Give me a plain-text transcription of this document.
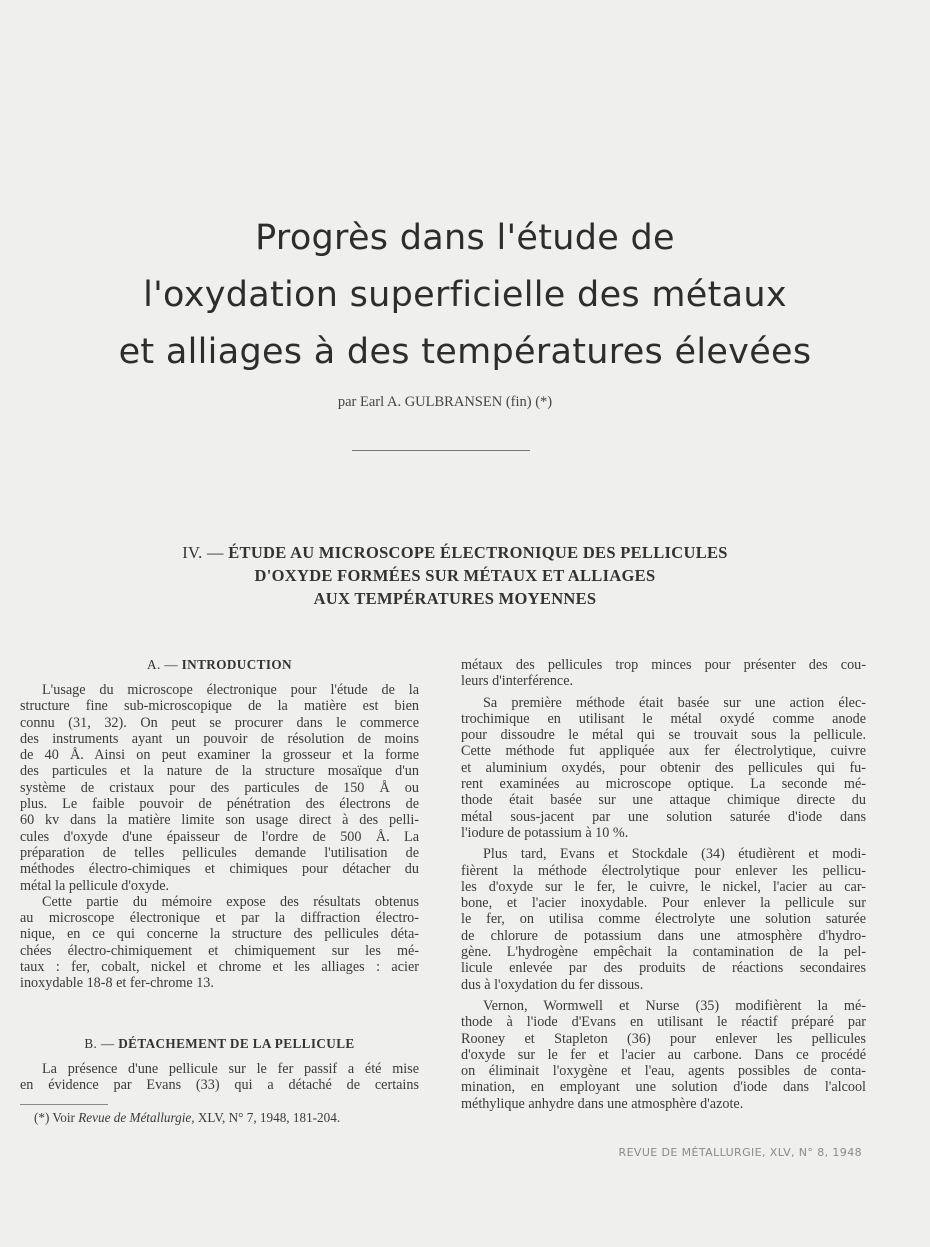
Progrès dans l'étude de
l'oxydation superficielle des métaux
et alliages à des températures élevées
par Earl A. GULBRANSEN (fin) (*)
IV. — ÉTUDE AU MICROSCOPE ÉLECTRONIQUE DES PELLICULES
D'OXYDE FORMÉES SUR MÉTAUX ET ALLIAGES
AUX TEMPÉRATURES MOYENNES
A. — INTRODUCTION

L'usage du microscope électronique pour l'étude de la
structure fine sub-microscopique de la matière est bien
connu (31, 32). On peut se procurer dans le commerce
des instruments ayant un pouvoir de résolution de moins
de 40 Å. Ainsi on peut examiner la grosseur et la forme
des particules et la nature de la structure mosaïque d'un
système de cristaux pour des particules de 150 Å ou
plus. Le faible pouvoir de pénétration des électrons de
60 kv dans la matière limite son usage direct à des pelli-
cules d'oxyde d'une épaisseur de l'ordre de 500 Å. La
préparation de telles pellicules demande l'utilisation de
méthodes électro-chimiques et chimiques pour détacher du
métal la pellicule d'oxyde.

Cette partie du mémoire expose des résultats obtenus
au microscope électronique et par la diffraction électro-
nique, en ce qui concerne la structure des pellicules déta-
chées électro-chimiquement et chimiquement sur les mé-
taux : fer, cobalt, nickel et chrome et les alliages : acier
inoxydable 18-8 et fer-chrome 13.

B. — DÉTACHEMENT DE LA PELLICULE

La présence d'une pellicule sur le fer passif a été mise
en évidence par Evans (33) qui a détaché de certains

(*) Voir Revue de Métallurgie, XLV, N° 7, 1948, 181-204.

métaux des pellicules trop minces pour présenter des cou-
leurs d'interférence.

Sa première méthode était basée sur une action élec-
trochimique en utilisant le métal oxydé comme anode
pour dissoudre le métal qui se trouvait sous la pellicule.
Cette méthode fut appliquée aux fer électrolytique, cuivre
et aluminium oxydés, pour obtenir des pellicules qui fu-
rent examinées au microscope optique. La seconde mé-
thode était basée sur une attaque chimique directe du
métal sous-jacent par une solution saturée d'iode dans
l'iodure de potassium à 10 %.

Plus tard, Evans et Stockdale (34) étudièrent et modi-
fièrent la méthode électrolytique pour enlever les pellicu-
les d'oxyde sur le fer, le cuivre, le nickel, l'acier au car-
bone, et l'acier inoxydable. Pour enlever la pellicule sur
le fer, on utilisa comme électrolyte une solution saturée
de chlorure de potassium dans une atmosphère d'hydro-
gène. L'hydrogène empêchait la contamination de la pel-
licule enlevée par des produits de réactions secondaires
dus à l'oxydation du fer dissous.

Vernon, Wormwell et Nurse (35) modifièrent la mé-
thode à l'iode d'Evans en utilisant le réactif préparé par
Rooney et Stapleton (36) pour enlever les pellicules
d'oxyde sur le fer et l'acier au carbone. Dans ce procédé
on éliminait l'oxygène et l'eau, agents possibles de conta-
mination, en employant une solution d'iode dans l'alcool
méthylique anhydre dans une atmosphère d'azote.

REVUE DE MÉTALLURGIE, XLV, N° 8, 1948
